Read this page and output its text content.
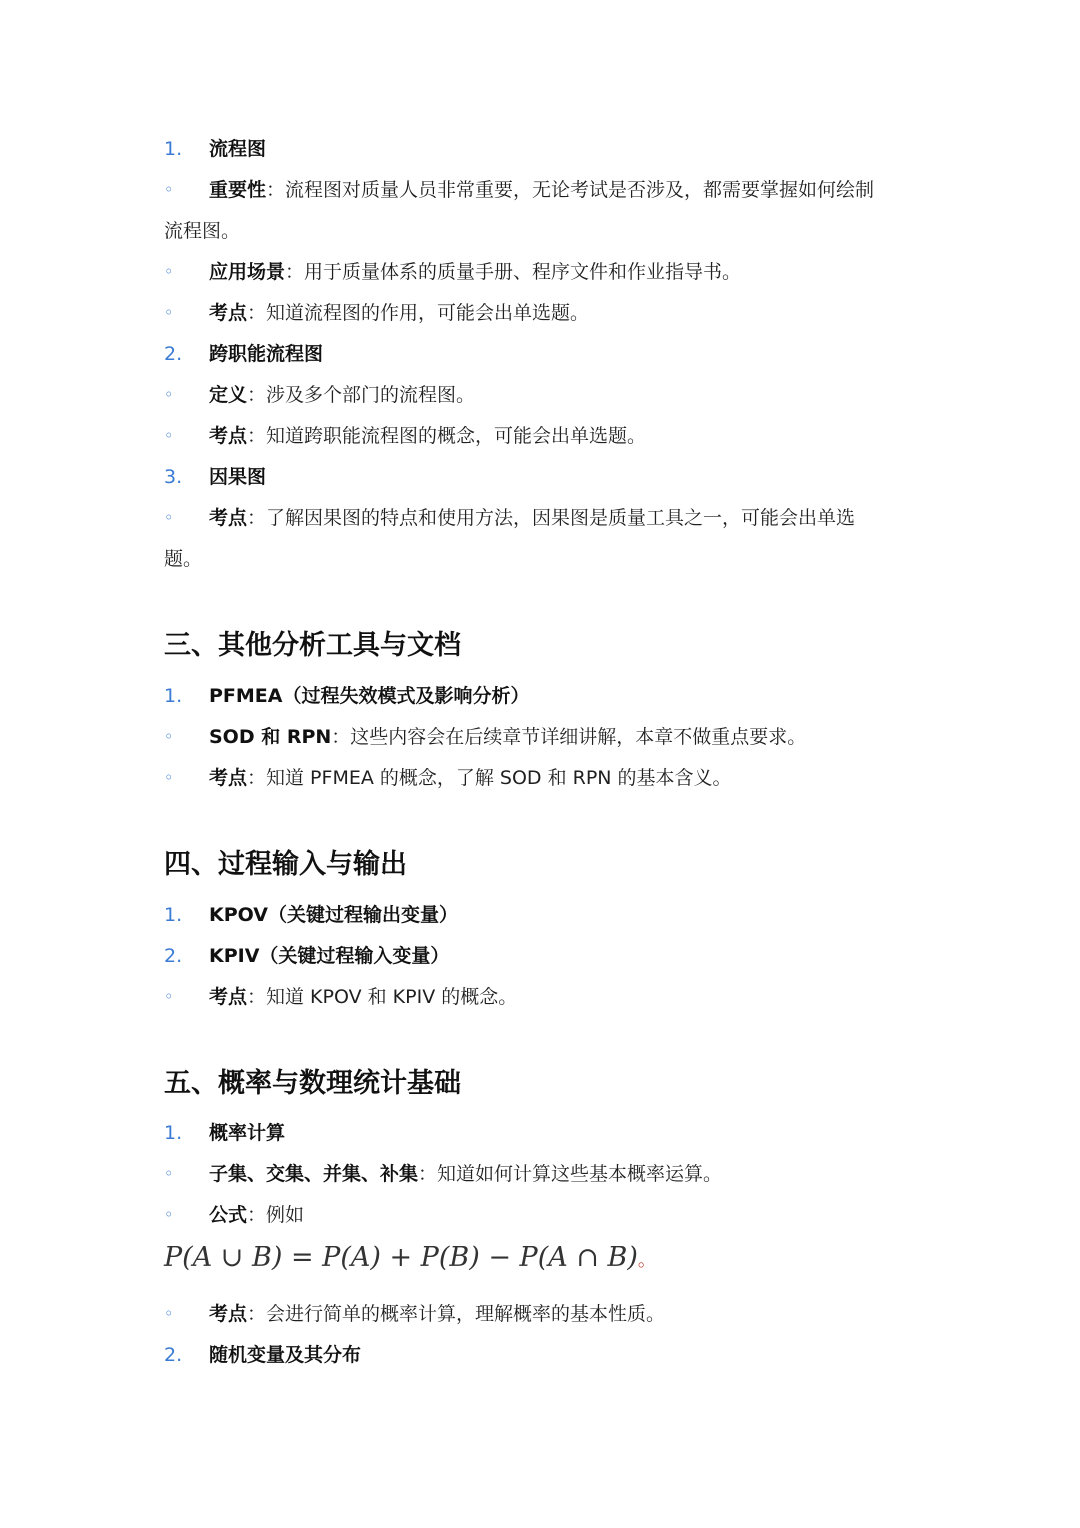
1. 流程图
◦ 重要性：流程图对质量人员非常重要，无论考试是否涉及，都需要掌握如何绘制
流程图。
◦ 应用场景：用于质量体系的质量手册、程序文件和作业指导书。
◦ 考点：知道流程图的作用，可能会出单选题。
2. 跨职能流程图
◦ 定义：涉及多个部门的流程图。
◦ 考点：知道跨职能流程图的概念，可能会出单选题。
3. 因果图
◦ 考点：了解因果图的特点和使用方法，因果图是质量工具之一，可能会出单选
题。
三、其他分析工具与文档
1. PFMEA（过程失效模式及影响分析）
◦ SOD 和 RPN：这些内容会在后续章节详细讲解，本章不做重点要求。
◦ 考点：知道 PFMEA 的概念，了解 SOD 和 RPN 的基本含义。
四、过程输入与输出
1. KPOV（关键过程输出变量）
2. KPIV（关键过程输入变量）
◦ 考点：知道 KPOV 和 KPIV 的概念。
五、概率与数理统计基础
1. 概率计算
◦ 子集、交集、并集、补集：知道如何计算这些基本概率运算。
◦ 公式：例如
P(A ∪ B) = P(A) + P(B) − P(A ∩ B)。
◦ 考点：会进行简单的概率计算，理解概率的基本性质。
2. 随机变量及其分布
